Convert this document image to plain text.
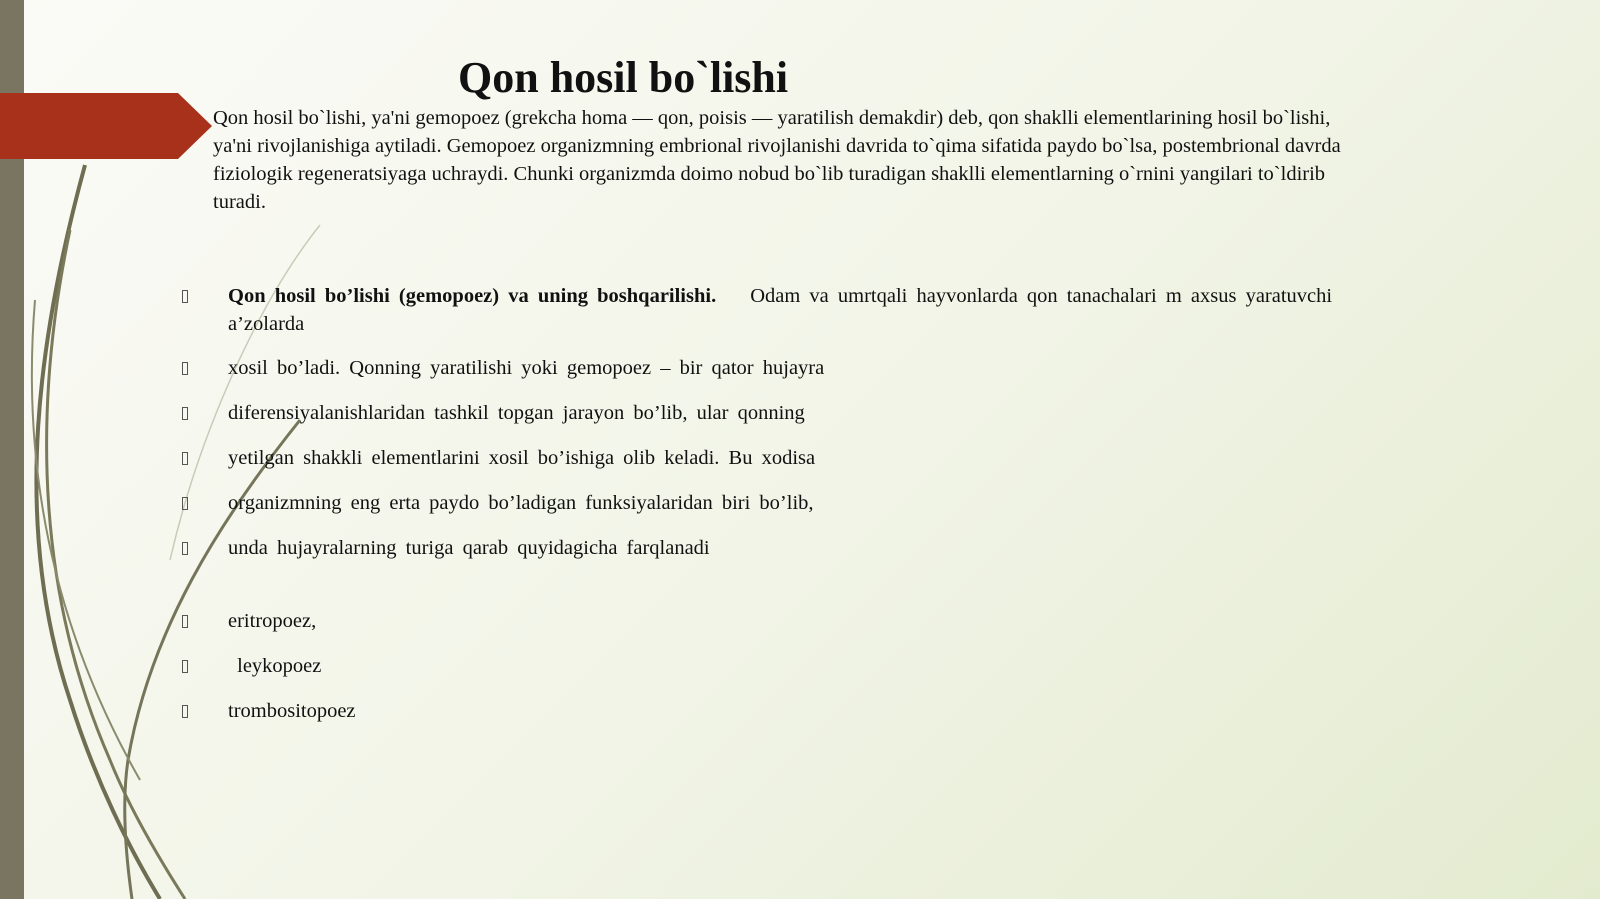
Qon hosil bo`lishi

Qon hosil bo`lishi, ya'ni gemopoez (grekcha homa — qon, poisis — yaratilish demakdir) deb, qon shaklli elementlarining hosil bo`lishi, ya'ni rivojlanishiga aytiladi. Gemopoez organizmning embrional rivojlanishi davrida to`qima sifatida paydo bo`lsa, postembrional davrda fiziologik regeneratsiyaga uchraydi. Chunki organizmda doimo nobud bo`lib turadigan shaklli elementlarning o`rnini yangilari to`ldirib turadi.

Qon hosil bo’lishi (gemopoez) va uning boshqarilishi. Odam va umrtqali hayvonlarda qon tanachalari m axsus yaratuvchi a’zolarda
xosil bo’ladi. Qonning yaratilishi yoki gemopoez – bir qator hujayra
diferensiyalanishlaridan tashkil topgan jarayon bo’lib, ular qonning
yetilgan shakkli elementlarini xosil bo’ishiga olib keladi. Bu xodisa
organizmning eng erta paydo bo’ladigan funksiyalaridan biri bo’lib,
unda hujayralarning turiga qarab quyidagicha farqlanadi
eritropoez,
leykopoez
trombositopoez
